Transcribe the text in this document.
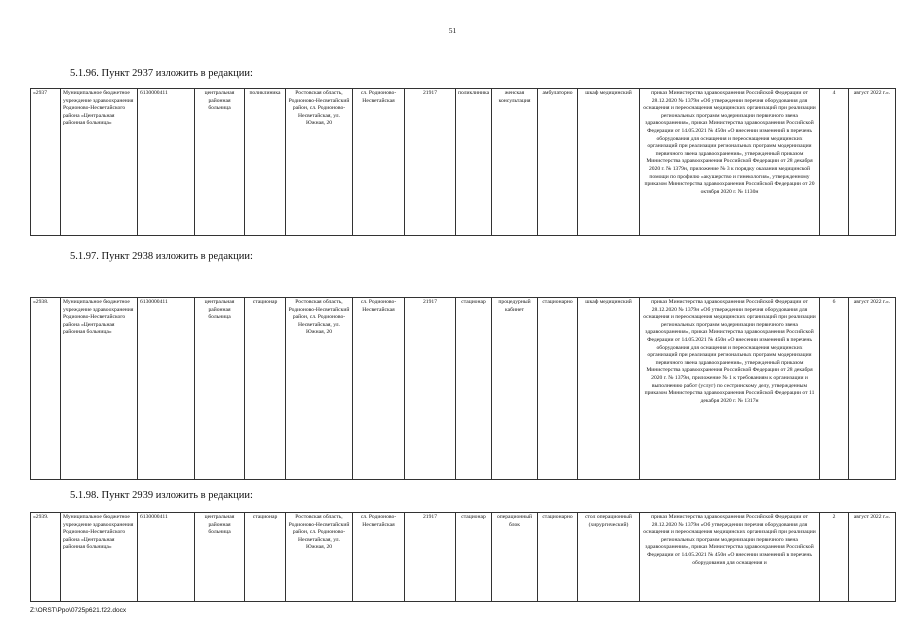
51
5.1.96. Пункт 2937 изложить в редакции:
«2937	Муниципальное бюджетное учреждение здравоохранения Родионово-Несветайского района «Центральная районная больница»	6130000411	центральная районная больница	поликлиника	Ростовская область, Родионово-Несветайский район, сл. Родионово-Несветайская, ул. Южная, 20	сл. Родионово-Несветайская	21917	поликлиника	женская консультация	амбулаторно	шкаф медицинский	приказ Министерства здравоохранения Российской Федерации от 28.12.2020 № 1379н «Об утверждении перечня оборудования для оснащения и переоснащения медицинских организаций при реализации региональных программ модернизации первичного звена здравоохранения», приказ Министерства здравоохранения Российской Федерации от 14.05.2021 № 450н «О внесении изменений в перечень оборудования для оснащения и переоснащения медицинских организаций при реализации региональных программ модернизации первичного звена здравоохранения», утвержденный приказом Министерства здравоохранения Российской Федерации от 28 декабря 2020 г. № 1379н, приложение № 3 к порядку оказания медицинской помощи по профилю «акушерство и гинекология», утвержденному приказом Министерства здравоохранения Российской Федерации от 20 октября 2020 г. № 1130н	4	август 2022 г.».
5.1.97. Пункт 2938 изложить в редакции:
«2938.	Муниципальное бюджетное учреждение здравоохранения Родионово-Несветайского района «Центральная районная больница»	6130000411	центральная районная больница	стационар	Ростовская область, Родионово-Несветайский район, сл. Родионово-Несветайская, ул. Южная, 20	сл. Родионово-Несветайская	21917	стационар	процедурный кабинет	стационарно	шкаф медицинский	приказ Министерства здравоохранения Российской Федерации от 28.12.2020 № 1379н «Об утверждении перечня оборудования для оснащения и переоснащения медицинских организаций при реализации региональных программ модернизации первичного звена здравоохранения», приказ Министерства здравоохранения Российской Федерации от 14.05.2021 № 450н «О внесении изменений в перечень оборудования для оснащения и переоснащения медицинских организаций при реализации региональных программ модернизации первичного звена здравоохранения», утвержденный приказом Министерства здравоохранения Российской Федерации от 28 декабря 2020 г. № 1379н, приложение № 1 к требованиям к организации и выполнению работ (услуг) по сестринскому делу, утвержденным приказом Министерства здравоохранения Российской Федерации от 11 декабря 2020 г. № 1317н	6	август 2022 г.».
5.1.98. Пункт 2939 изложить в редакции:
«2939.	Муниципальное бюджетное учреждение здравоохранения Родионово-Несветайского района «Центральная районная больница»	6130000411	центральная районная больница	стационар	Ростовская область, Родионово-Несветайский район, сл. Родионово-Несветайская, ул. Южная, 20	сл. Родионово-Несветайская	21917	стационар	операционный блок	стационарно	стол операционный (хирургический)	приказ Министерства здравоохранения Российской Федерации от 28.12.2020 № 1379н «Об утверждении перечня оборудования для оснащения и переоснащения медицинских организаций при реализации региональных программ модернизации первичного звена здравоохранения», приказ Министерства здравоохранения Российской Федерации от 14.05.2021 № 450н «О внесении изменений в перечень оборудования для оснащения и	2	август 2022 г.».
Z:\ORST\Ppo\0725p621.f22.docx
